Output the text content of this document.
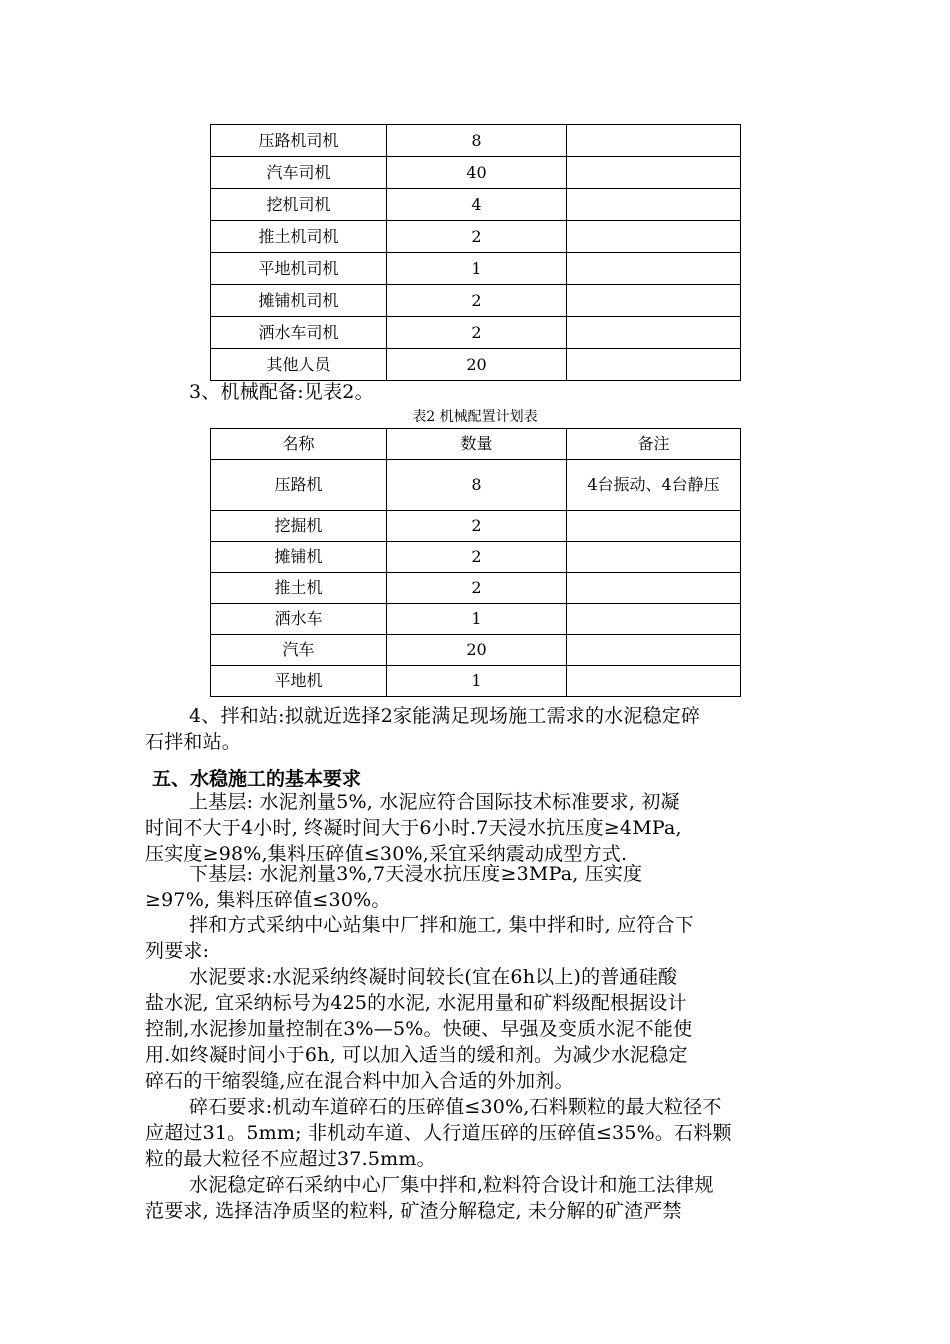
压路机司机	8	
汽车司机	40	
挖机司机	4	
推土机司机	2	
平地机司机	1	
摊铺机司机	2	
洒水车司机	2	
其他人员	20	
3、机械配备:见表2。
表2 机械配置计划表
名称	数量	备注
压路机	8	4台振动、4台静压
挖掘机	2	
摊铺机	2	
推土机	2	
洒水车	1	
汽车	20	
平地机	1	
4、拌和站:拟就近选择2家能满足现场施工需求的水泥稳定碎
石拌和站。
五、水稳施工的基本要求
上基层: 水泥剂量5%, 水泥应符合国际技术标准要求, 初凝
时间不大于4小时, 终凝时间大于6小时.7天浸水抗压度≥4MPa,
压实度≥98%,集料压碎值≤30%,采宜采纳震动成型方式.
下基层: 水泥剂量3%,7天浸水抗压度≥3MPa, 压实度
≥97%, 集料压碎值≤30%。
拌和方式采纳中心站集中厂拌和施工, 集中拌和时, 应符合下
列要求:
水泥要求:水泥采纳终凝时间较长(宜在6h以上)的普通硅酸
盐水泥, 宜采纳标号为425的水泥, 水泥用量和矿料级配根据设计
控制,水泥掺加量控制在3%—5%。快硬、早强及变质水泥不能使
用.如终凝时间小于6h, 可以加入适当的缓和剂。为减少水泥稳定
碎石的干缩裂缝,应在混合料中加入合适的外加剂。
碎石要求:机动车道碎石的压碎值≤30%,石料颗粒的最大粒径不
应超过31。5mm; 非机动车道、人行道压碎的压碎值≤35%。石料颗
粒的最大粒径不应超过37.5mm。
水泥稳定碎石采纳中心厂集中拌和,粒料符合设计和施工法律规
范要求, 选择洁净质坚的粒料, 矿渣分解稳定, 未分解的矿渣严禁
